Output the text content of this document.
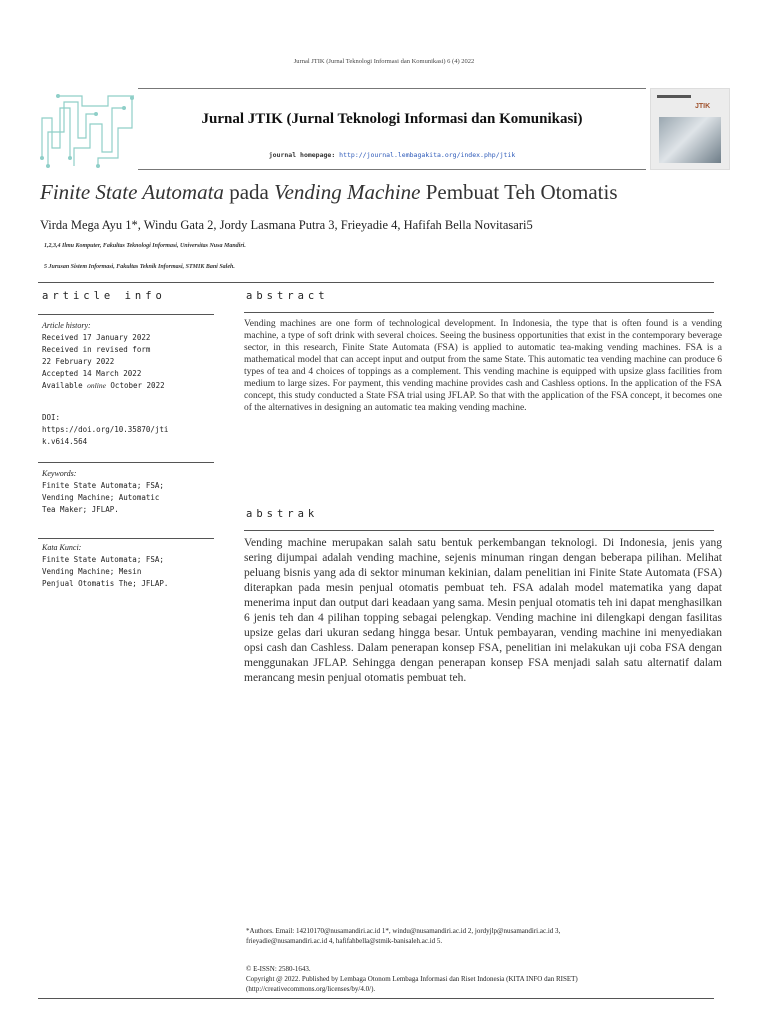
Jurnal JTIK (Jurnal Teknologi Informasi dan Komunikasi) 6 (4) 2022
Jurnal JTIK (Jurnal Teknologi Informasi dan Komunikasi)
journal homepage: http://journal.lembagakita.org/index.php/jtik
JTIK
Finite State Automata pada Vending Machine Pembuat Teh Otomatis
Virda Mega Ayu 1*, Windu Gata 2, Jordy Lasmana Putra 3, Frieyadie 4, Hafifah Bella Novitasari5
1,2,3,4 Ilmu Komputer, Fakultas Teknologi Informasi, Universitas Nusa Mandiri.
5 Jurusan Sistem Informasi, Fakultas Teknik Informasi, STMIK Bani Saleh.
article info	abstract
Article history:
Received 17 January 2022
Received in revised form
22 February 2022
Accepted 14 March 2022
Available online October 2022
DOI:
https://doi.org/10.35870/jti
k.v6i4.564
Keywords:
Finite State Automata; FSA;
Vending Machine; Automatic
Tea Maker; JFLAP.
Kata Kunci:
Finite State Automata; FSA;
Vending Machine; Mesin
Penjual Otomatis The; JFLAP.
Vending machines are one form of technological development. In Indonesia, the type that is often found is a vending machine, a type of soft drink with several choices. Seeing the business opportunities that exist in the contemporary beverage sector, in this research, Finite State Automata (FSA) is applied to automatic tea-making vending machines. FSA is a mathematical model that can accept input and output from the same State. This automatic tea vending machine can produce 6 types of tea and 4 choices of toppings as a complement. This vending machine is equipped with upsize glass facilities from medium to large sizes. For payment, this vending machine provides cash and Cashless options. In the application of the FSA concept, this study conducted a State FSA trial using JFLAP. So that with the application of the FSA concept, it becomes one of the alternatives in designing an automatic tea making vending machine.
abstrak
Vending machine merupakan salah satu bentuk perkembangan teknologi. Di Indonesia, jenis yang sering dijumpai adalah vending machine, sejenis minuman ringan dengan beberapa pilihan. Melihat peluang bisnis yang ada di sektor minuman kekinian, dalam penelitian ini Finite State Automata (FSA) diterapkan pada mesin penjual otomatis pembuat teh. FSA adalah model matematika yang dapat menerima input dan output dari keadaan yang sama. Mesin penjual otomatis teh ini dapat menghasilkan 6 jenis teh dan 4 pilihan topping sebagai pelengkap. Vending machine ini dilengkapi dengan fasilitas upsize gelas dari ukuran sedang hingga besar. Untuk pembayaran, vending machine ini menyediakan opsi cash dan Cashless. Dalam penerapan konsep FSA, penelitian ini melakukan uji coba FSA dengan menggunakan JFLAP. Sehingga dengan penerapan konsep FSA menjadi salah satu alternatif dalam merancang mesin penjual otomatis pembuat teh.
*Authors. Email: 14210170@nusamandiri.ac.id 1*, windu@nusamandiri.ac.id 2, jordyjlp@nusamandiri.ac.id 3,
frieyadie@nusamandiri.ac.id 4, hafifahbella@stmik-banisaleh.ac.id 5.
© E-ISSN: 2580-1643.
Copyright @ 2022. Published by Lembaga Otonom Lembaga Informasi dan Riset Indonesia (KITA INFO dan RISET)
(http://creativecommons.org/licenses/by/4.0/).
